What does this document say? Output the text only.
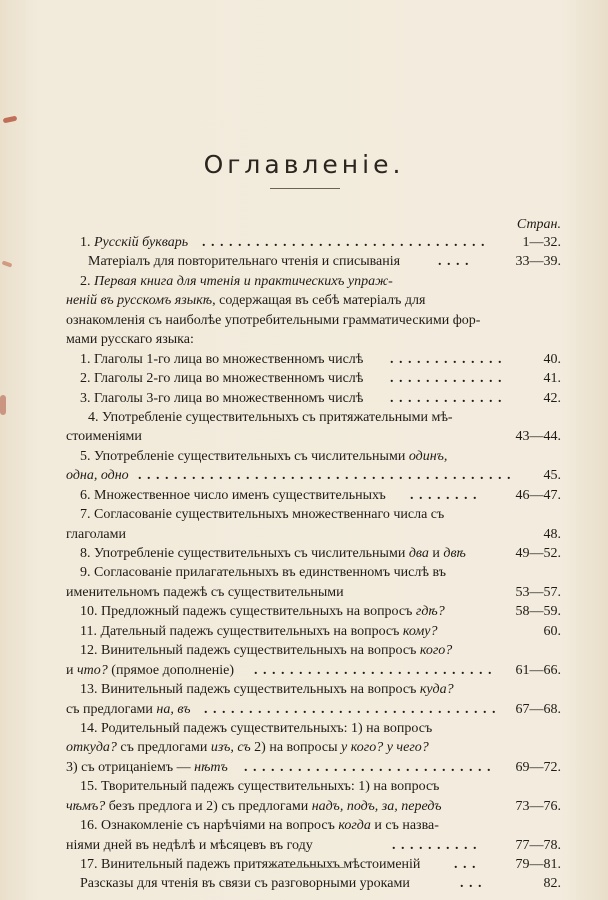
Оглавленіе.
Стран.
1. Русскій букварь ................................ 1—32.
Матеріалъ для повторительнаго чтенія и списыванія	....	33—39.
2. Первая книга для чтенія и практическихъ упраж-
неній въ русскомъ языкѣ, содержащая въ себѣ матеріалъ для
ознакомленія съ наиболѣе употребительными грамматическими фор-
мами русскаго языка:
1. Глаголы 1-го лица во множественномъ числѣ .............	40.
2. Глаголы 2-го лица во множественномъ числѣ .............	41.
3. Глаголы 3-го лица во множественномъ числѣ .............	42.
4. Употребленіе существительныхъ съ притяжательными мѣ-
стоименіями	43—44.
5. Употребленіе существительныхъ съ числительными одинъ,
одна, одно .......................................... 45.
6. Множественное число именъ существительныхъ ........ 46—47.
7. Согласованіе существительныхъ множественнаго числа съ
глаголами	48.
8. Употребленіе существительныхъ съ числительными два и двѣ	49—52.
9. Согласованіе прилагательныхъ въ единственномъ числѣ въ
именительномъ падежѣ съ существительными	53—57.
10. Предложный падежъ существительныхъ на вопросъ гдѣ?	58—59.
11. Дательный падежъ существительныхъ на вопросъ кому?	60.
12. Винительный падежъ существительныхъ на вопросъ кого?
и что? (прямое дополненіе) ........................... 61—66.
13. Винительный падежъ существительныхъ на вопросъ куда?
съ предлогами на, въ ................................. 67—68.
14. Родительный падежъ существительныхъ: 1) на вопросъ
откуда? съ предлогами изъ, съ 2) на вопросы у кого? у чего?
3) съ отрицаніемъ — нѣтъ ............................ 69—72.
15. Творительный падежъ существительныхъ: 1) на вопросъ
чѣмъ? безъ предлога и 2) съ предлогами надъ, подъ, за, передъ	73—76.
16. Ознакомленіе съ нарѣчіями на вопросъ когда и съ назва-
ніями дней въ недѣлѣ и мѣсяцевъ въ году	.......... 77—78.
17. Винительный падежъ притяжательныхъ мѣстоименій ... 79—81.
Разсказы для чтенія въ связи съ разговорными уроками	...	82.
